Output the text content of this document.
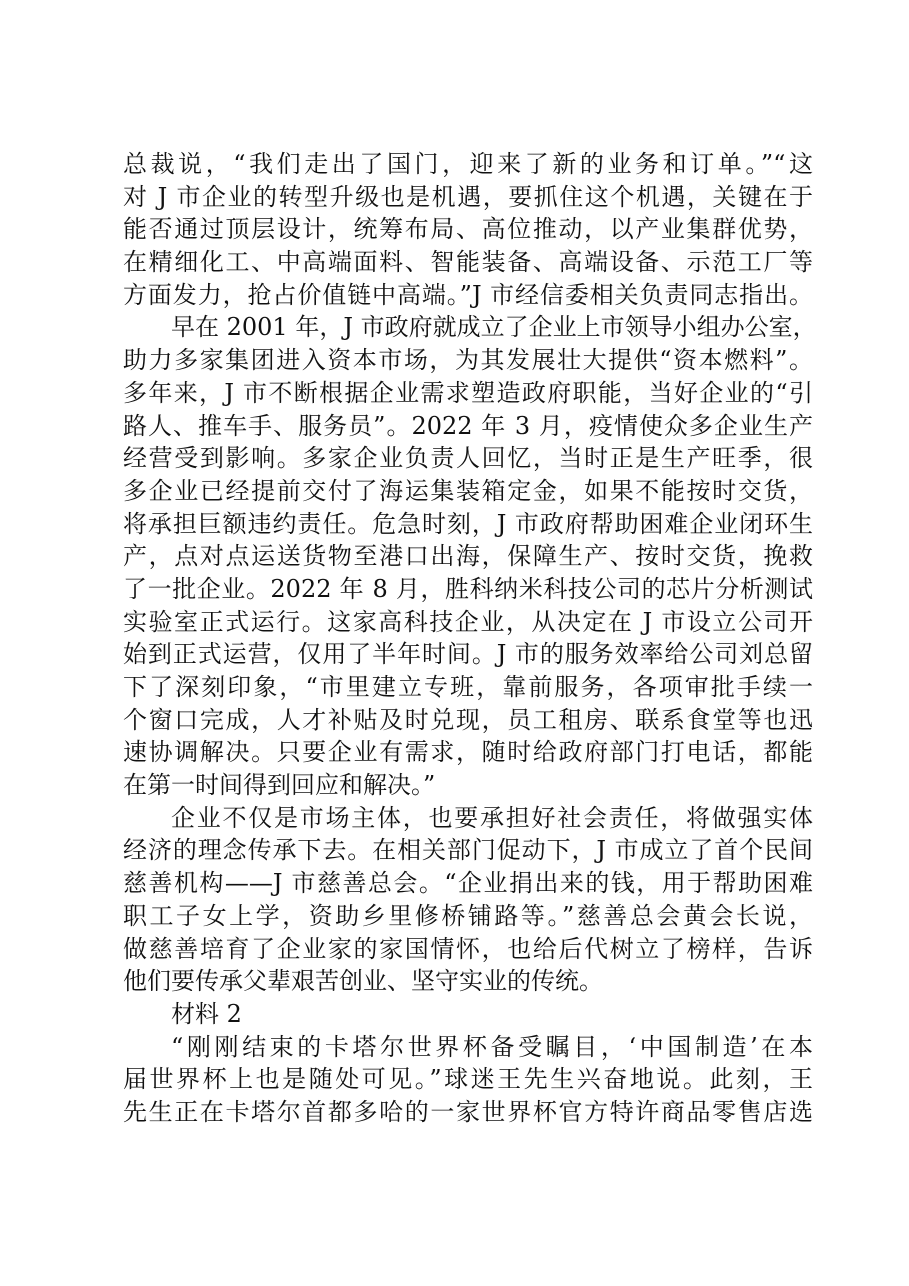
总裁说，“我们走出了国门，迎来了新的业务和订单。”“这
对 J 市企业的转型升级也是机遇，要抓住这个机遇，关键在于
能否通过顶层设计，统筹布局、高位推动，以产业集群优势，
在精细化工、中高端面料、智能装备、高端设备、示范工厂等
方面发力，抢占价值链中高端。”J 市经信委相关负责同志指出。
早在 2001 年，J 市政府就成立了企业上市领导小组办公室，
助力多家集团进入资本市场，为其发展壮大提供“资本燃料”。
多年来，J 市不断根据企业需求塑造政府职能，当好企业的“引
路人、推车手、服务员”。2022 年 3 月，疫情使众多企业生产
经营受到影响。多家企业负责人回忆，当时正是生产旺季，很
多企业已经提前交付了海运集装箱定金，如果不能按时交货，
将承担巨额违约责任。危急时刻，J 市政府帮助困难企业闭环生
产，点对点运送货物至港口出海，保障生产、按时交货，挽救
了一批企业。2022 年 8 月，胜科纳米科技公司的芯片分析测试
实验室正式运行。这家高科技企业，从决定在 J 市设立公司开
始到正式运营，仅用了半年时间。J 市的服务效率给公司刘总留
下了深刻印象，“市里建立专班，靠前服务，各项审批手续一
个窗口完成，人才补贴及时兑现，员工租房、联系食堂等也迅
速协调解决。只要企业有需求，随时给政府部门打电话，都能
在第一时间得到回应和解决。”
企业不仅是市场主体，也要承担好社会责任，将做强实体
经济的理念传承下去。在相关部门促动下，J 市成立了首个民间
慈善机构——J 市慈善总会。“企业捐出来的钱，用于帮助困难
职工子女上学，资助乡里修桥铺路等。”慈善总会黄会长说，
做慈善培育了企业家的家国情怀，也给后代树立了榜样，告诉
他们要传承父辈艰苦创业、坚守实业的传统。
材料 2
“刚刚结束的卡塔尔世界杯备受瞩目，‘中国制造’在本
届世界杯上也是随处可见。”球迷王先生兴奋地说。此刻，王
先生正在卡塔尔首都多哈的一家世界杯官方特许商品零售店选
